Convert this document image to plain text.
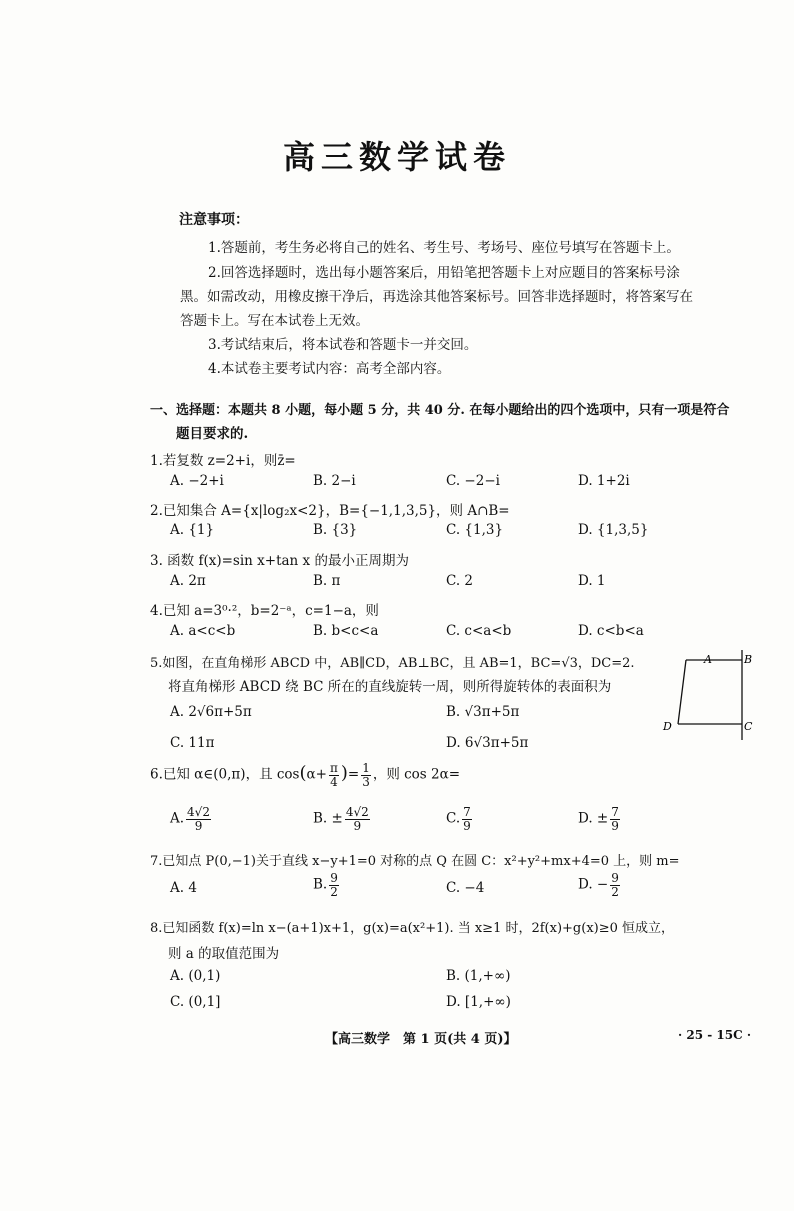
高三数学试卷
注意事项：
1.答题前，考生务必将自己的姓名、考生号、考场号、座位号填写在答题卡上。
2.回答选择题时，选出每小题答案后，用铅笔把答题卡上对应题目的答案标号涂
黑。如需改动，用橡皮擦干净后，再选涂其他答案标号。回答非选择题时，将答案写在
答题卡上。写在本试卷上无效。
3.考试结束后，将本试卷和答题卡一并交回。
4.本试卷主要考试内容：高考全部内容。
一、选择题：本题共 8 小题，每小题 5 分，共 40 分. 在每小题给出的四个选项中，只有一项是符合
题目要求的.
1.若复数 z=2+i，则z̄=
A. −2+i	B. 2−i	C. −2−i	D. 1+2i
2.已知集合 A={x|log₂x<2}，B={−1,1,3,5}，则 A∩B=
A. {1}	B. {3}	C. {1,3}	D. {1,3,5}
3. 函数 f(x)=sin x+tan x 的最小正周期为
A. 2π	B. π	C. 2	D. 1
4.已知 a=3⁰·²，b=2⁻ᵃ，c=1−a，则
A. a<c<b	B. b<c<a	C. c<a<b	D. c<b<a
5.如图，在直角梯形 ABCD 中，AB∥CD，AB⊥BC，且 AB=1，BC=√3，DC=2.
将直角梯形 ABCD 绕 BC 所在的直线旋转一周，则所得旋转体的表面积为
A. 2√6π+5π	B. √3π+5π
C. 11π	D. 6√3π+5π
A	B
C
D
6.已知 α∈(0,π)，且 $\cos(\alpha+ \frac{\pi}{4}$ )= $\frac{1}{3}$ ，则 cos 2α=
A. $\frac{4√2}{9}$	B. ± $\frac{4√2}{9}$	C. $\frac{7}{9}$	D. ± $\frac{7}{9}$
7.已知点 P(0,−1)关于直线 x−y+1=0 对称的点 Q 在圆 C：x²+y²+mx+4=0 上，则 m=
A. 4	B. $\frac{9}{2}$	C. −4	D. − $\frac{9}{2}$
8.已知函数 f(x)=ln x−(a+1)x+1，g(x)=a(x²+1). 当 x≥1 时，2f(x)+g(x)≥0 恒成立，
则 a 的取值范围为
A. (0,1)	B. (1,+∞)
C. (0,1]	D. [1,+∞)
【高三数学　第 1 页(共 4 页)】	· 25 - 15C ·
